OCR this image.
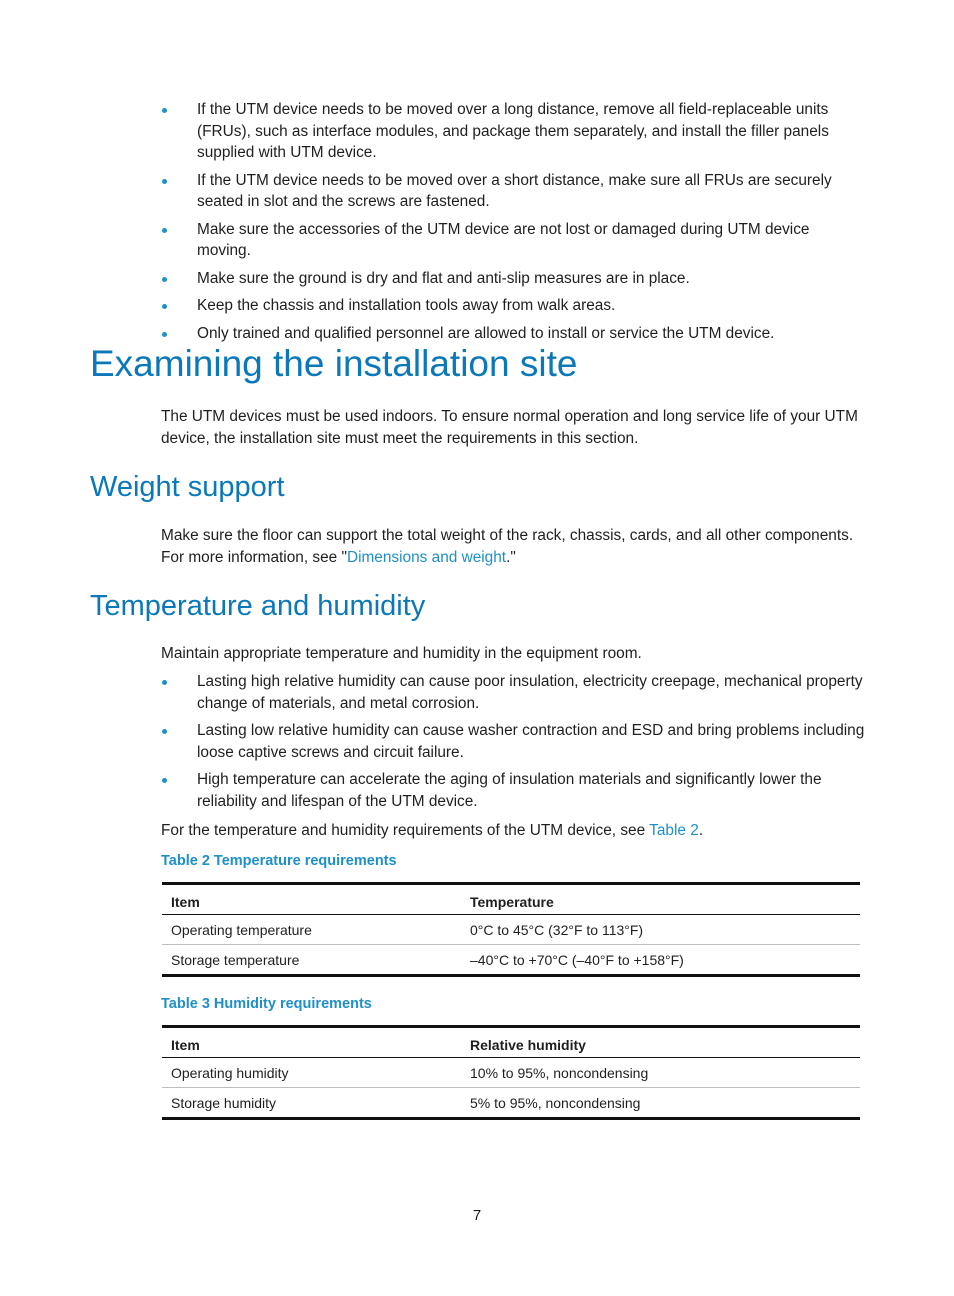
If the UTM device needs to be moved over a long distance, remove all field-replaceable units (FRUs), such as interface modules, and package them separately, and install the filler panels supplied with UTM device.
If the UTM device needs to be moved over a short distance, make sure all FRUs are securely seated in slot and the screws are fastened.
Make sure the accessories of the UTM device are not lost or damaged during UTM device moving.
Make sure the ground is dry and flat and anti-slip measures are in place.
Keep the chassis and installation tools away from walk areas.
Only trained and qualified personnel are allowed to install or service the UTM device.
Examining the installation site

The UTM devices must be used indoors. To ensure normal operation and long service life of your UTM device, the installation site must meet the requirements in this section.

Weight support

Make sure the floor can support the total weight of the rack, chassis, cards, and all other components. For more information, see "Dimensions and weight."

Temperature and humidity

Maintain appropriate temperature and humidity in the equipment room.

Lasting high relative humidity can cause poor insulation, electricity creepage, mechanical property change of materials, and metal corrosion.
Lasting low relative humidity can cause washer contraction and ESD and bring problems including loose captive screws and circuit failure.
High temperature can accelerate the aging of insulation materials and significantly lower the reliability and lifespan of the UTM device.

For the temperature and humidity requirements of the UTM device, see Table 2.

Table 2 Temperature requirements

Item	Temperature
Operating temperature	0°C to 45°C (32°F to 113°F)
Storage temperature	–40°C to +70°C (–40°F to +158°F)

Table 3 Humidity requirements

Item	Relative humidity
Operating humidity	10% to 95%, noncondensing
Storage humidity	5% to 95%, noncondensing
7
